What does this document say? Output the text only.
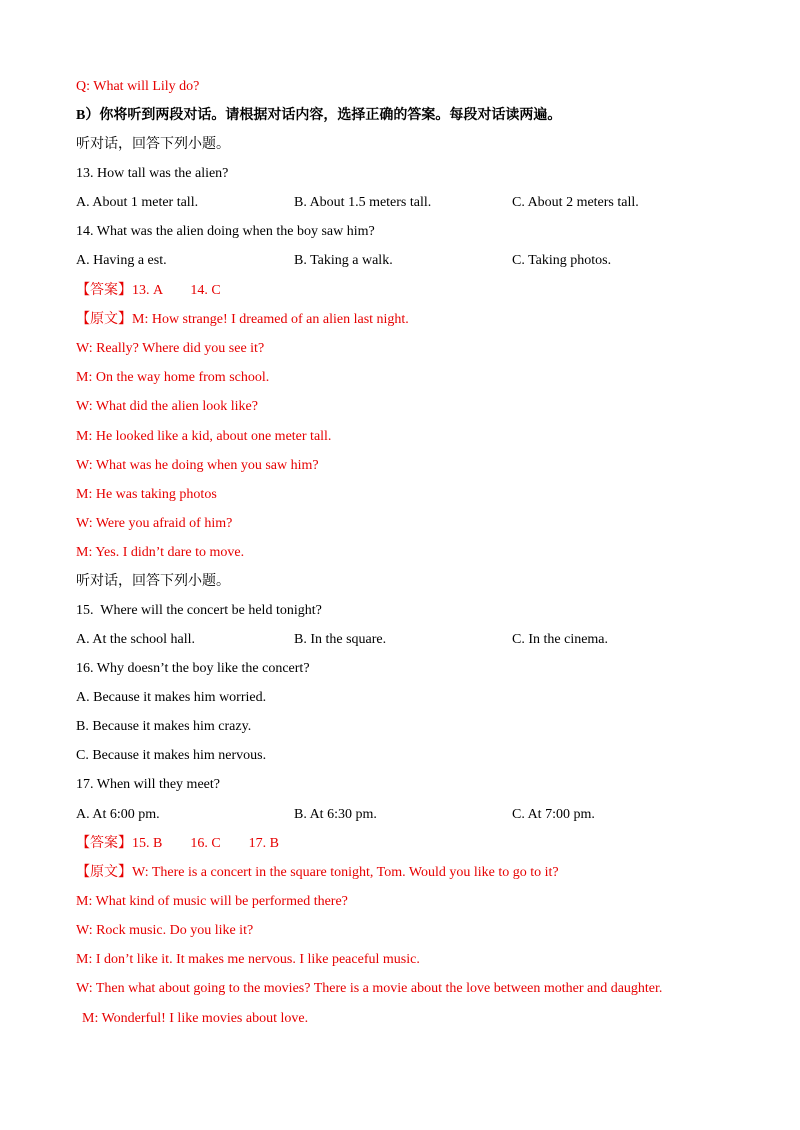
Q: What will Lily do?
B）你将听到两段对话。请根据对话内容，选择正确的答案。每段对话读两遍。
听对话，回答下列小题。
13. How tall was the alien?
A. About 1 meter tall.	B. About 1.5 meters tall.	C. About 2 meters tall.
14. What was the alien doing when the boy saw him?
A. Having a est.	B. Taking a walk.	C. Taking photos.
【答案】13. A        14. C
【原文】M: How strange! I dreamed of an alien last night.
W: Really? Where did you see it?
M: On the way home from school.
W: What did the alien look like?
M: He looked like a kid, about one meter tall.
W: What was he doing when you saw him?
M: He was taking photos
W: Were you afraid of him?
M: Yes. I didn’t dare to move.
听对话，回答下列小题。
15.  Where will the concert be held tonight?
A. At the school hall.	B. In the square.	C. In the cinema.
16. Why doesn’t the boy like the concert?
A. Because it makes him worried.
B. Because it makes him crazy.
C. Because it makes him nervous.
17. When will they meet?
A. At 6:00 pm.	B. At 6:30 pm.	C. At 7:00 pm.
【答案】15. B        16. C        17. B
【原文】W: There is a concert in the square tonight, Tom. Would you like to go to it?
M: What kind of music will be performed there?
W: Rock music. Do you like it?
M: I don’t like it. It makes me nervous. I like peaceful music.
W: Then what about going to the movies? There is a movie about the love between mother and daughter.
M: Wonderful! I like movies about love.
